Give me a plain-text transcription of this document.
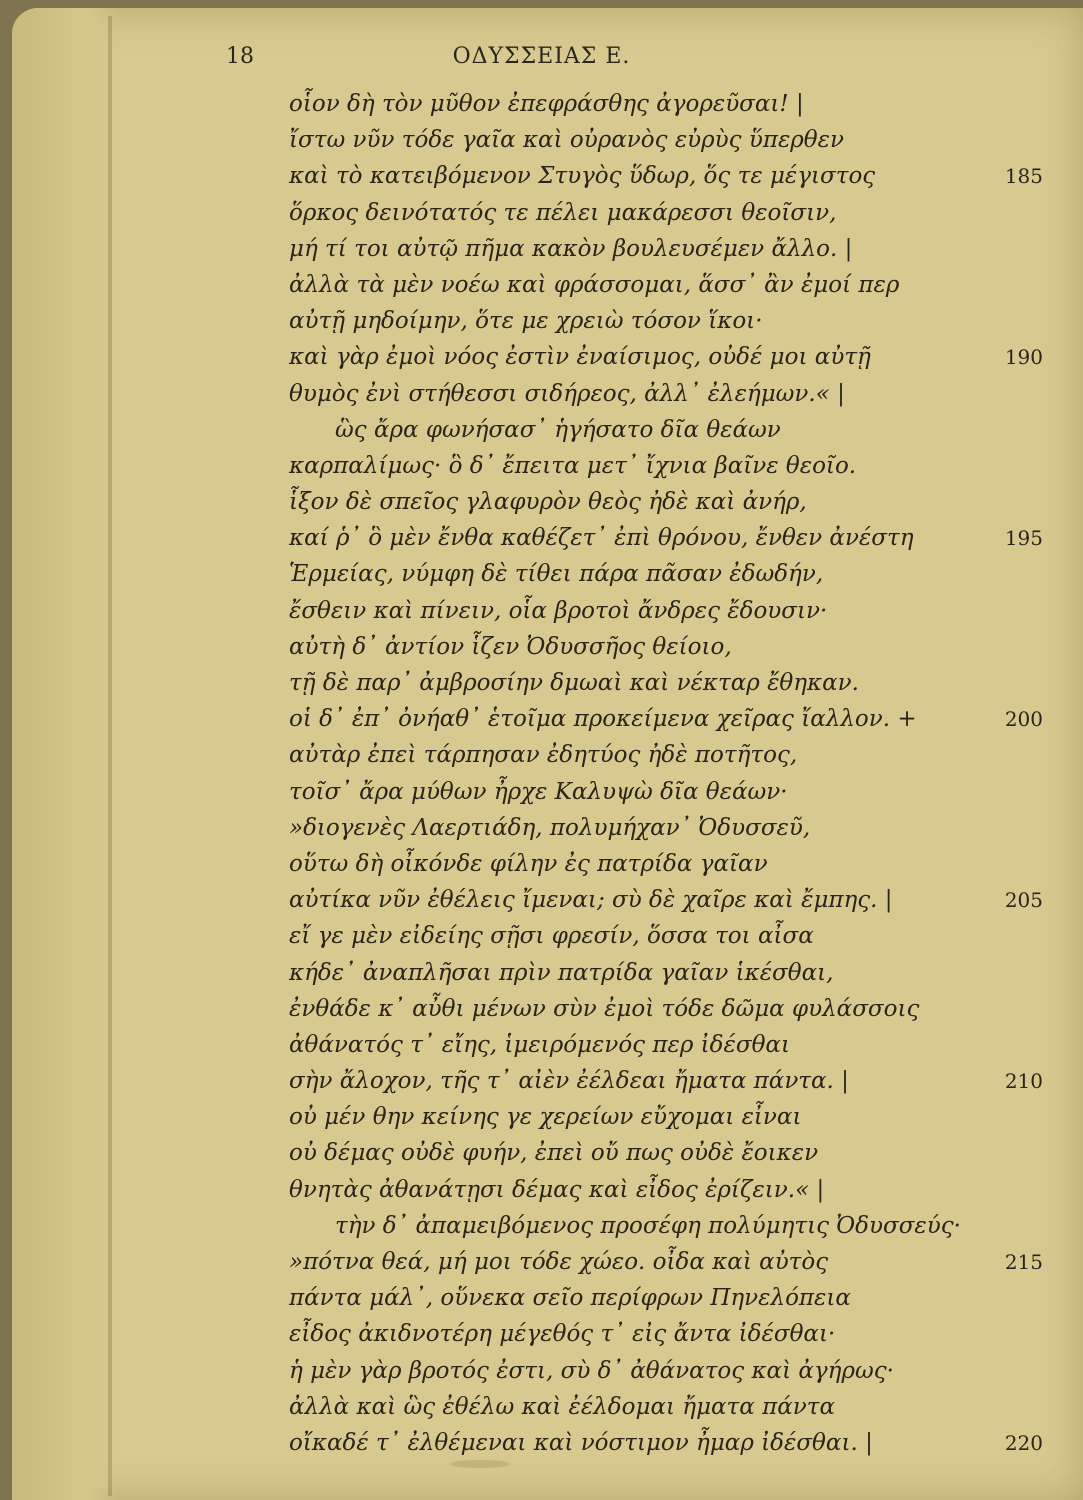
18	ΟΔΥΣΣΕΙΑΣ Ε.
οἷον δὴ τὸν μῦθον ἐπεφράσθης ἀγορεῦσαι! |
ἴστω νῦν τόδε γαῖα καὶ οὐρανὸς εὐρὺς ὕπερθεν
καὶ τὸ κατειβόμενον Στυγὸς ὕδωρ, ὅς τε μέγιστος	185
ὅρκος δεινότατός τε πέλει μακάρεσσι θεοῖσιν,
μή τί τοι αὐτῷ πῆμα κακὸν βουλευσέμεν ἄλλο. |
ἀλλὰ τὰ μὲν νοέω καὶ φράσσομαι, ἅσσ᾽ ἂν ἐμοί περ
αὐτῇ μηδοίμην, ὅτε με χρειὼ τόσον ἵκοι·
καὶ γὰρ ἐμοὶ νόος ἐστὶν ἐναίσιμος, οὐδέ μοι αὐτῇ	190
θυμὸς ἐνὶ στήθεσσι σιδήρεος, ἀλλ᾽ ἐλεήμων.« |
ὣς ἄρα φωνήσασ᾽ ἡγήσατο δῖα θεάων
καρπαλίμως· ὃ δ᾽ ἔπειτα μετ᾽ ἴχνια βαῖνε θεοῖο.
ἷξον δὲ σπεῖος γλαφυρὸν θεὸς ἠδὲ καὶ ἀνήρ,
καί ῥ᾽ ὃ μὲν ἔνθα καθέζετ᾽ ἐπὶ θρόνου, ἔνθεν ἀνέστη	195
Ἑρμείας, νύμφη δὲ τίθει πάρα πᾶσαν ἐδωδήν,
ἔσθειν καὶ πίνειν, οἷα βροτοὶ ἄνδρες ἔδουσιν·
αὐτὴ δ᾽ ἀντίον ἷζεν Ὀδυσσῆος θείοιο,
τῇ δὲ παρ᾽ ἀμβροσίην δμωαὶ καὶ νέκταρ ἔθηκαν.
οἱ δ᾽ ἐπ᾽ ὀνήαθ᾽ ἑτοῖμα προκείμενα χεῖρας ἴαλλον. +	200
αὐτὰρ ἐπεὶ τάρπησαν ἐδητύος ἠδὲ ποτῆτος,
τοῖσ᾽ ἄρα μύθων ἦρχε Καλυψὼ δῖα θεάων·
»διογενὲς Λαερτιάδη, πολυμήχαν᾽ Ὀδυσσεῦ,
οὕτω δὴ οἶκόνδε φίλην ἐς πατρίδα γαῖαν
αὐτίκα νῦν ἐθέλεις ἴμεναι; σὺ δὲ χαῖρε καὶ ἔμπης. |	205
εἴ γε μὲν εἰδείης σῇσι φρεσίν, ὅσσα τοι αἶσα
κήδε᾽ ἀναπλῆσαι πρὶν πατρίδα γαῖαν ἱκέσθαι,
ἐνθάδε κ᾽ αὖθι μένων σὺν ἐμοὶ τόδε δῶμα φυλάσσοις
ἀθάνατός τ᾽ εἴης, ἱμειρόμενός περ ἰδέσθαι
σὴν ἄλοχον, τῆς τ᾽ αἰὲν ἐέλδεαι ἤματα πάντα. |	210
οὐ μέν θην κείνης γε χερείων εὔχομαι εἶναι
οὐ δέμας οὐδὲ φυήν, ἐπεὶ οὔ πως οὐδὲ ἔοικεν
θνητὰς ἀθανάτῃσι δέμας καὶ εἶδος ἐρίζειν.« |
τὴν δ᾽ ἀπαμειβόμενος προσέφη πολύμητις Ὀδυσσεύς·
»πότνα θεά, μή μοι τόδε χώεο. οἶδα καὶ αὐτὸς	215
πάντα μάλ᾽, οὕνεκα σεῖο περίφρων Πηνελόπεια
εἶδος ἀκιδνοτέρη μέγεθός τ᾽ εἰς ἄντα ἰδέσθαι·
ἡ μὲν γὰρ βροτός ἐστι, σὺ δ᾽ ἀθάνατος καὶ ἀγήρως·
ἀλλὰ καὶ ὣς ἐθέλω καὶ ἐέλδομαι ἤματα πάντα
οἴκαδέ τ᾽ ἐλθέμεναι καὶ νόστιμον ἦμαρ ἰδέσθαι. |	220
